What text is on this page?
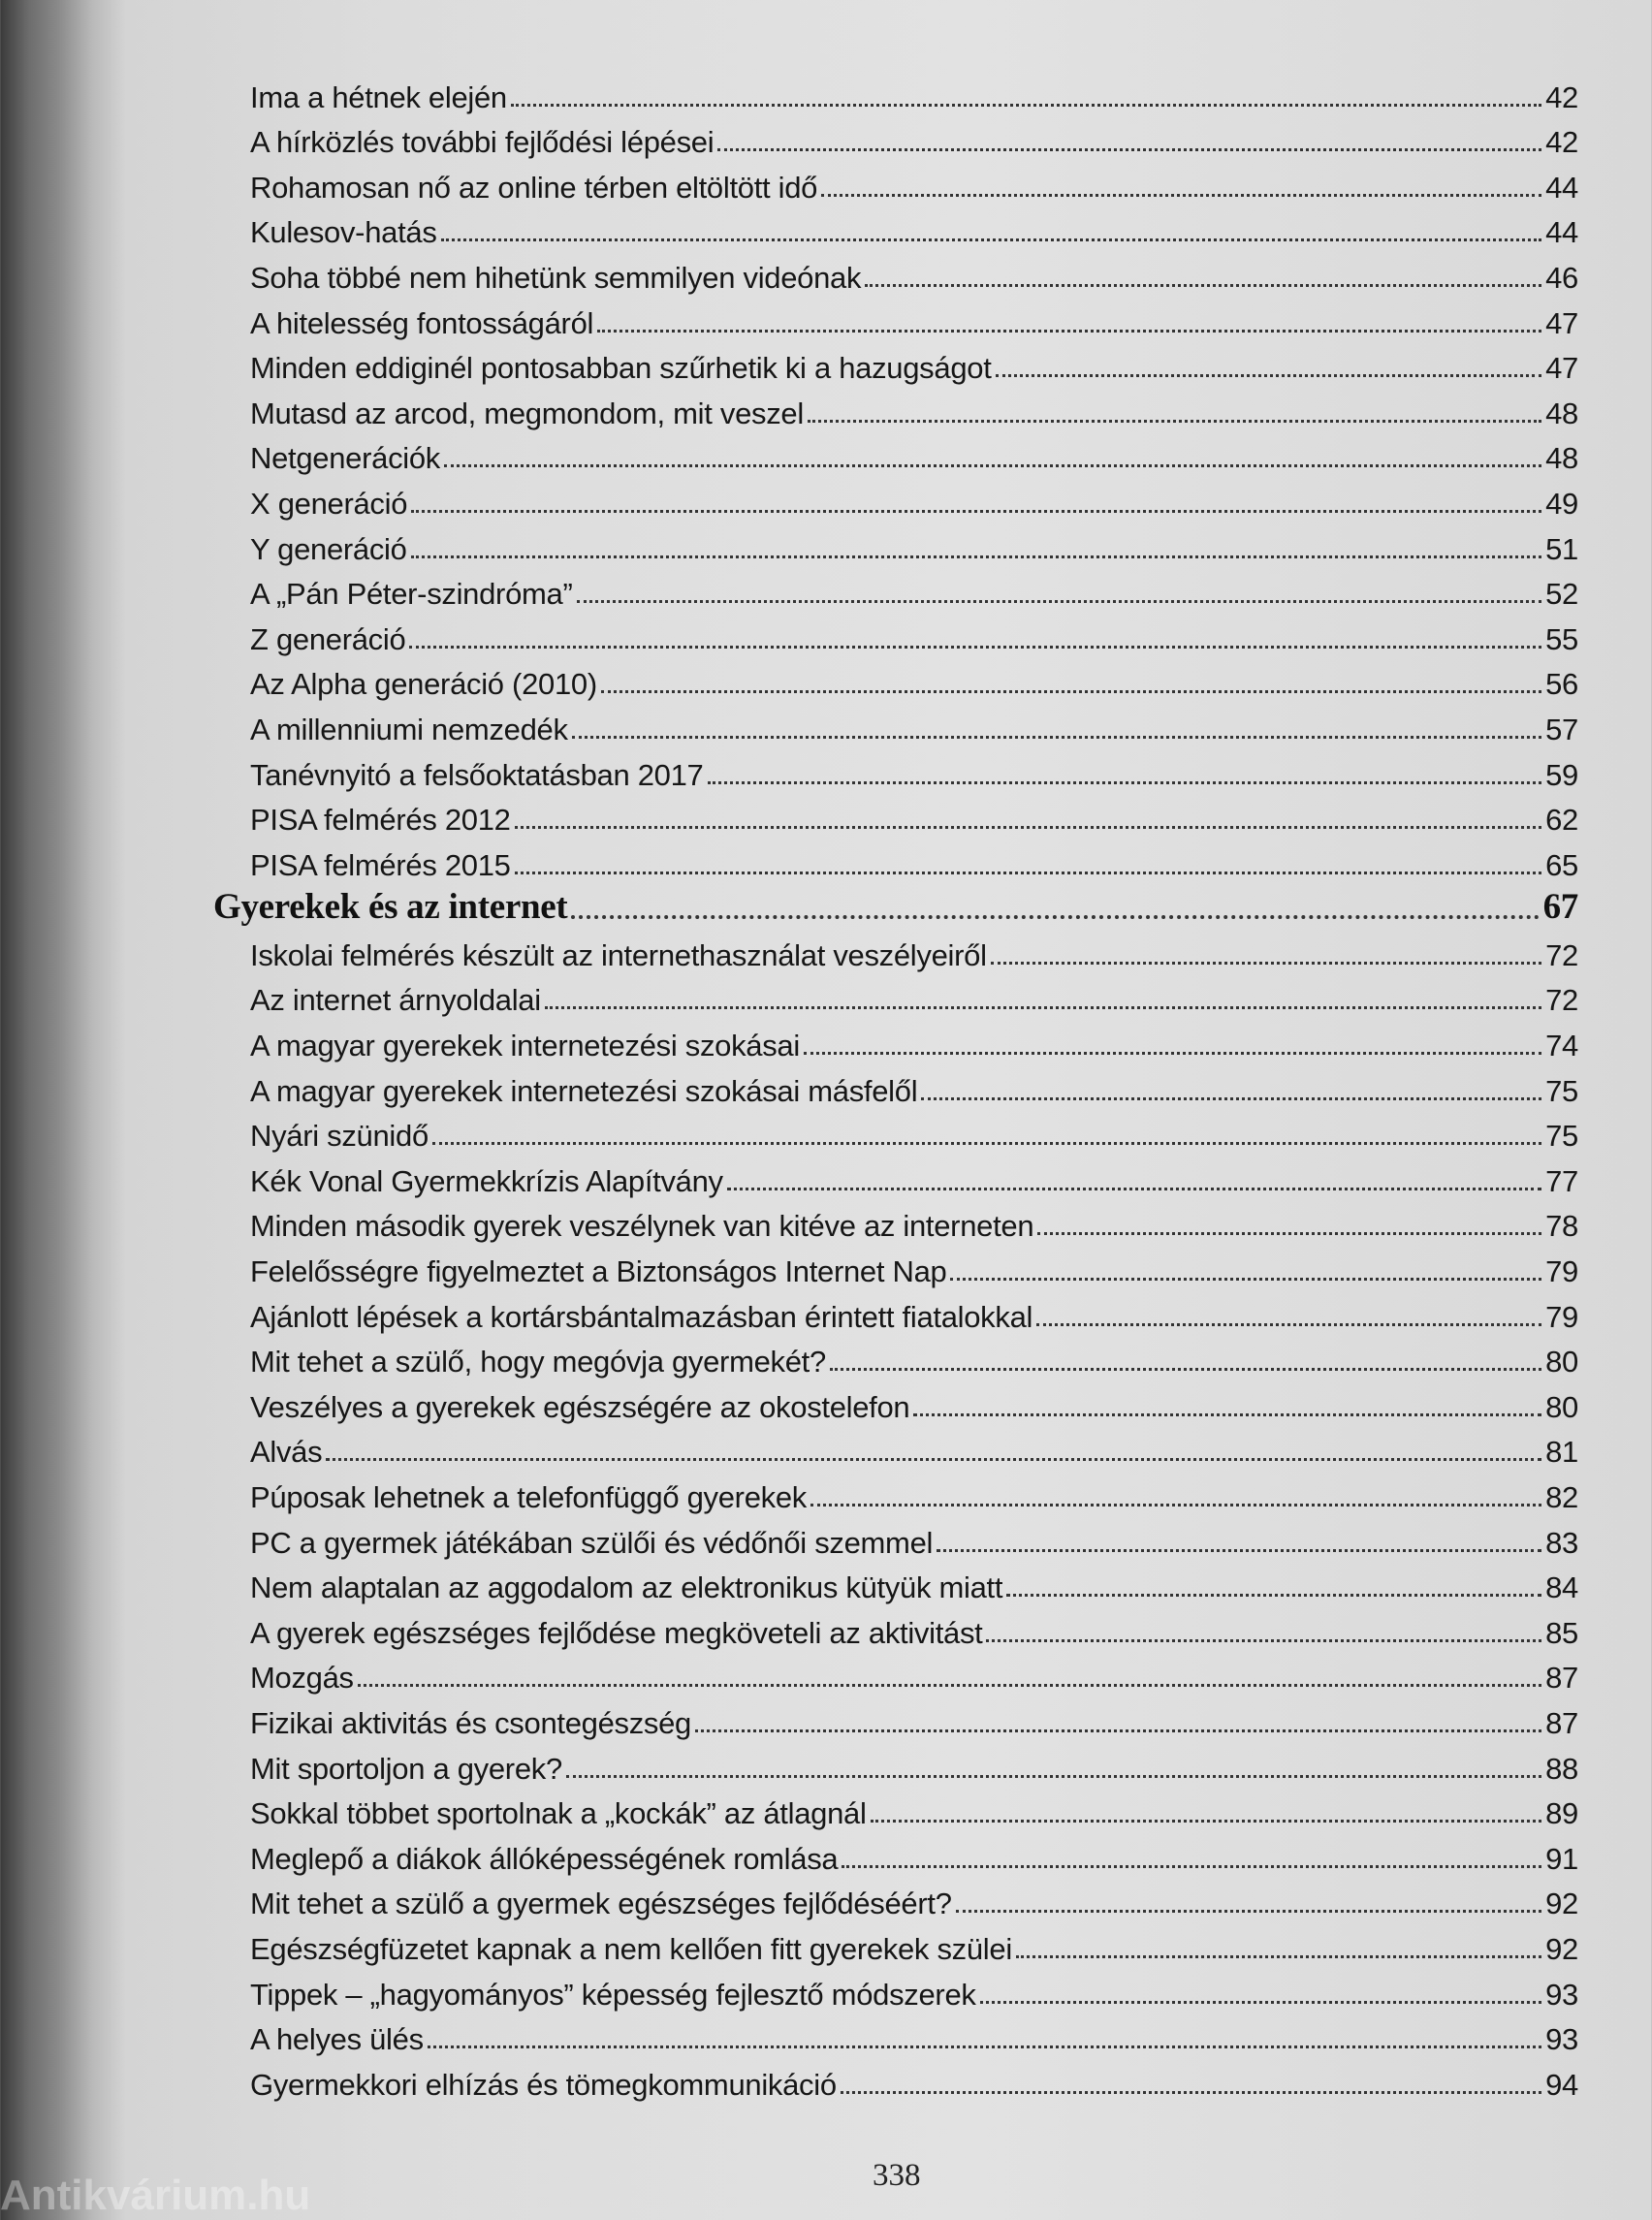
Ima a hétnek elején	42
A hírközlés további fejlődési lépései	42
Rohamosan nő az online térben eltöltött idő	44
Kulesov-hatás	44
Soha többé nem hihetünk semmilyen videónak	46
A hitelesség fontosságáról	47
Minden eddiginél pontosabban szűrhetik ki a hazugságot	47
Mutasd az arcod, megmondom, mit veszel	48
Netgenerációk	48
X generáció	49
Y generáció	51
A „Pán Péter-szindróma”	52
Z generáció	55
Az Alpha generáció (2010)	56
A millenniumi nemzedék	57
Tanévnyitó a felsőoktatásban 2017	59
PISA felmérés 2012	62
PISA felmérés 2015	65
Gyerekek és az internet	67
Iskolai felmérés készült az internethasználat veszélyeiről	72
Az internet árnyoldalai	72
A magyar gyerekek internetezési szokásai	74
A magyar gyerekek internetezési szokásai másfelől	75
Nyári szünidő	75
Kék Vonal Gyermekkrízis Alapítvány	77
Minden második gyerek veszélynek van kitéve az interneten	78
Felelősségre figyelmeztet a Biztonságos Internet Nap	79
Ajánlott lépések a kortársbántalmazásban érintett fiatalokkal	79
Mit tehet a szülő, hogy megóvja gyermekét?	80
Veszélyes a gyerekek egészségére az okostelefon	80
Alvás	81
Púposak lehetnek a telefonfüggő gyerekek	82
PC a gyermek játékában szülői és védőnői szemmel	83
Nem alaptalan az aggodalom az elektronikus kütyük miatt	84
A gyerek egészséges fejlődése megköveteli az aktivitást	85
Mozgás	87
Fizikai aktivitás és csontegészség	87
Mit sportoljon a gyerek?	88
Sokkal többet sportolnak a „kockák” az átlagnál	89
Meglepő a diákok állóképességének romlása	91
Mit tehet a szülő a gyermek egészséges fejlődéséért?	92
Egészségfüzetet kapnak a nem kellően fitt gyerekek szülei	92
Tippek – „hagyományos” képesség fejlesztő módszerek	93
A helyes ülés	93
Gyermekkori elhízás és tömegkommunikáció	94
338
Antikvárium.hu
